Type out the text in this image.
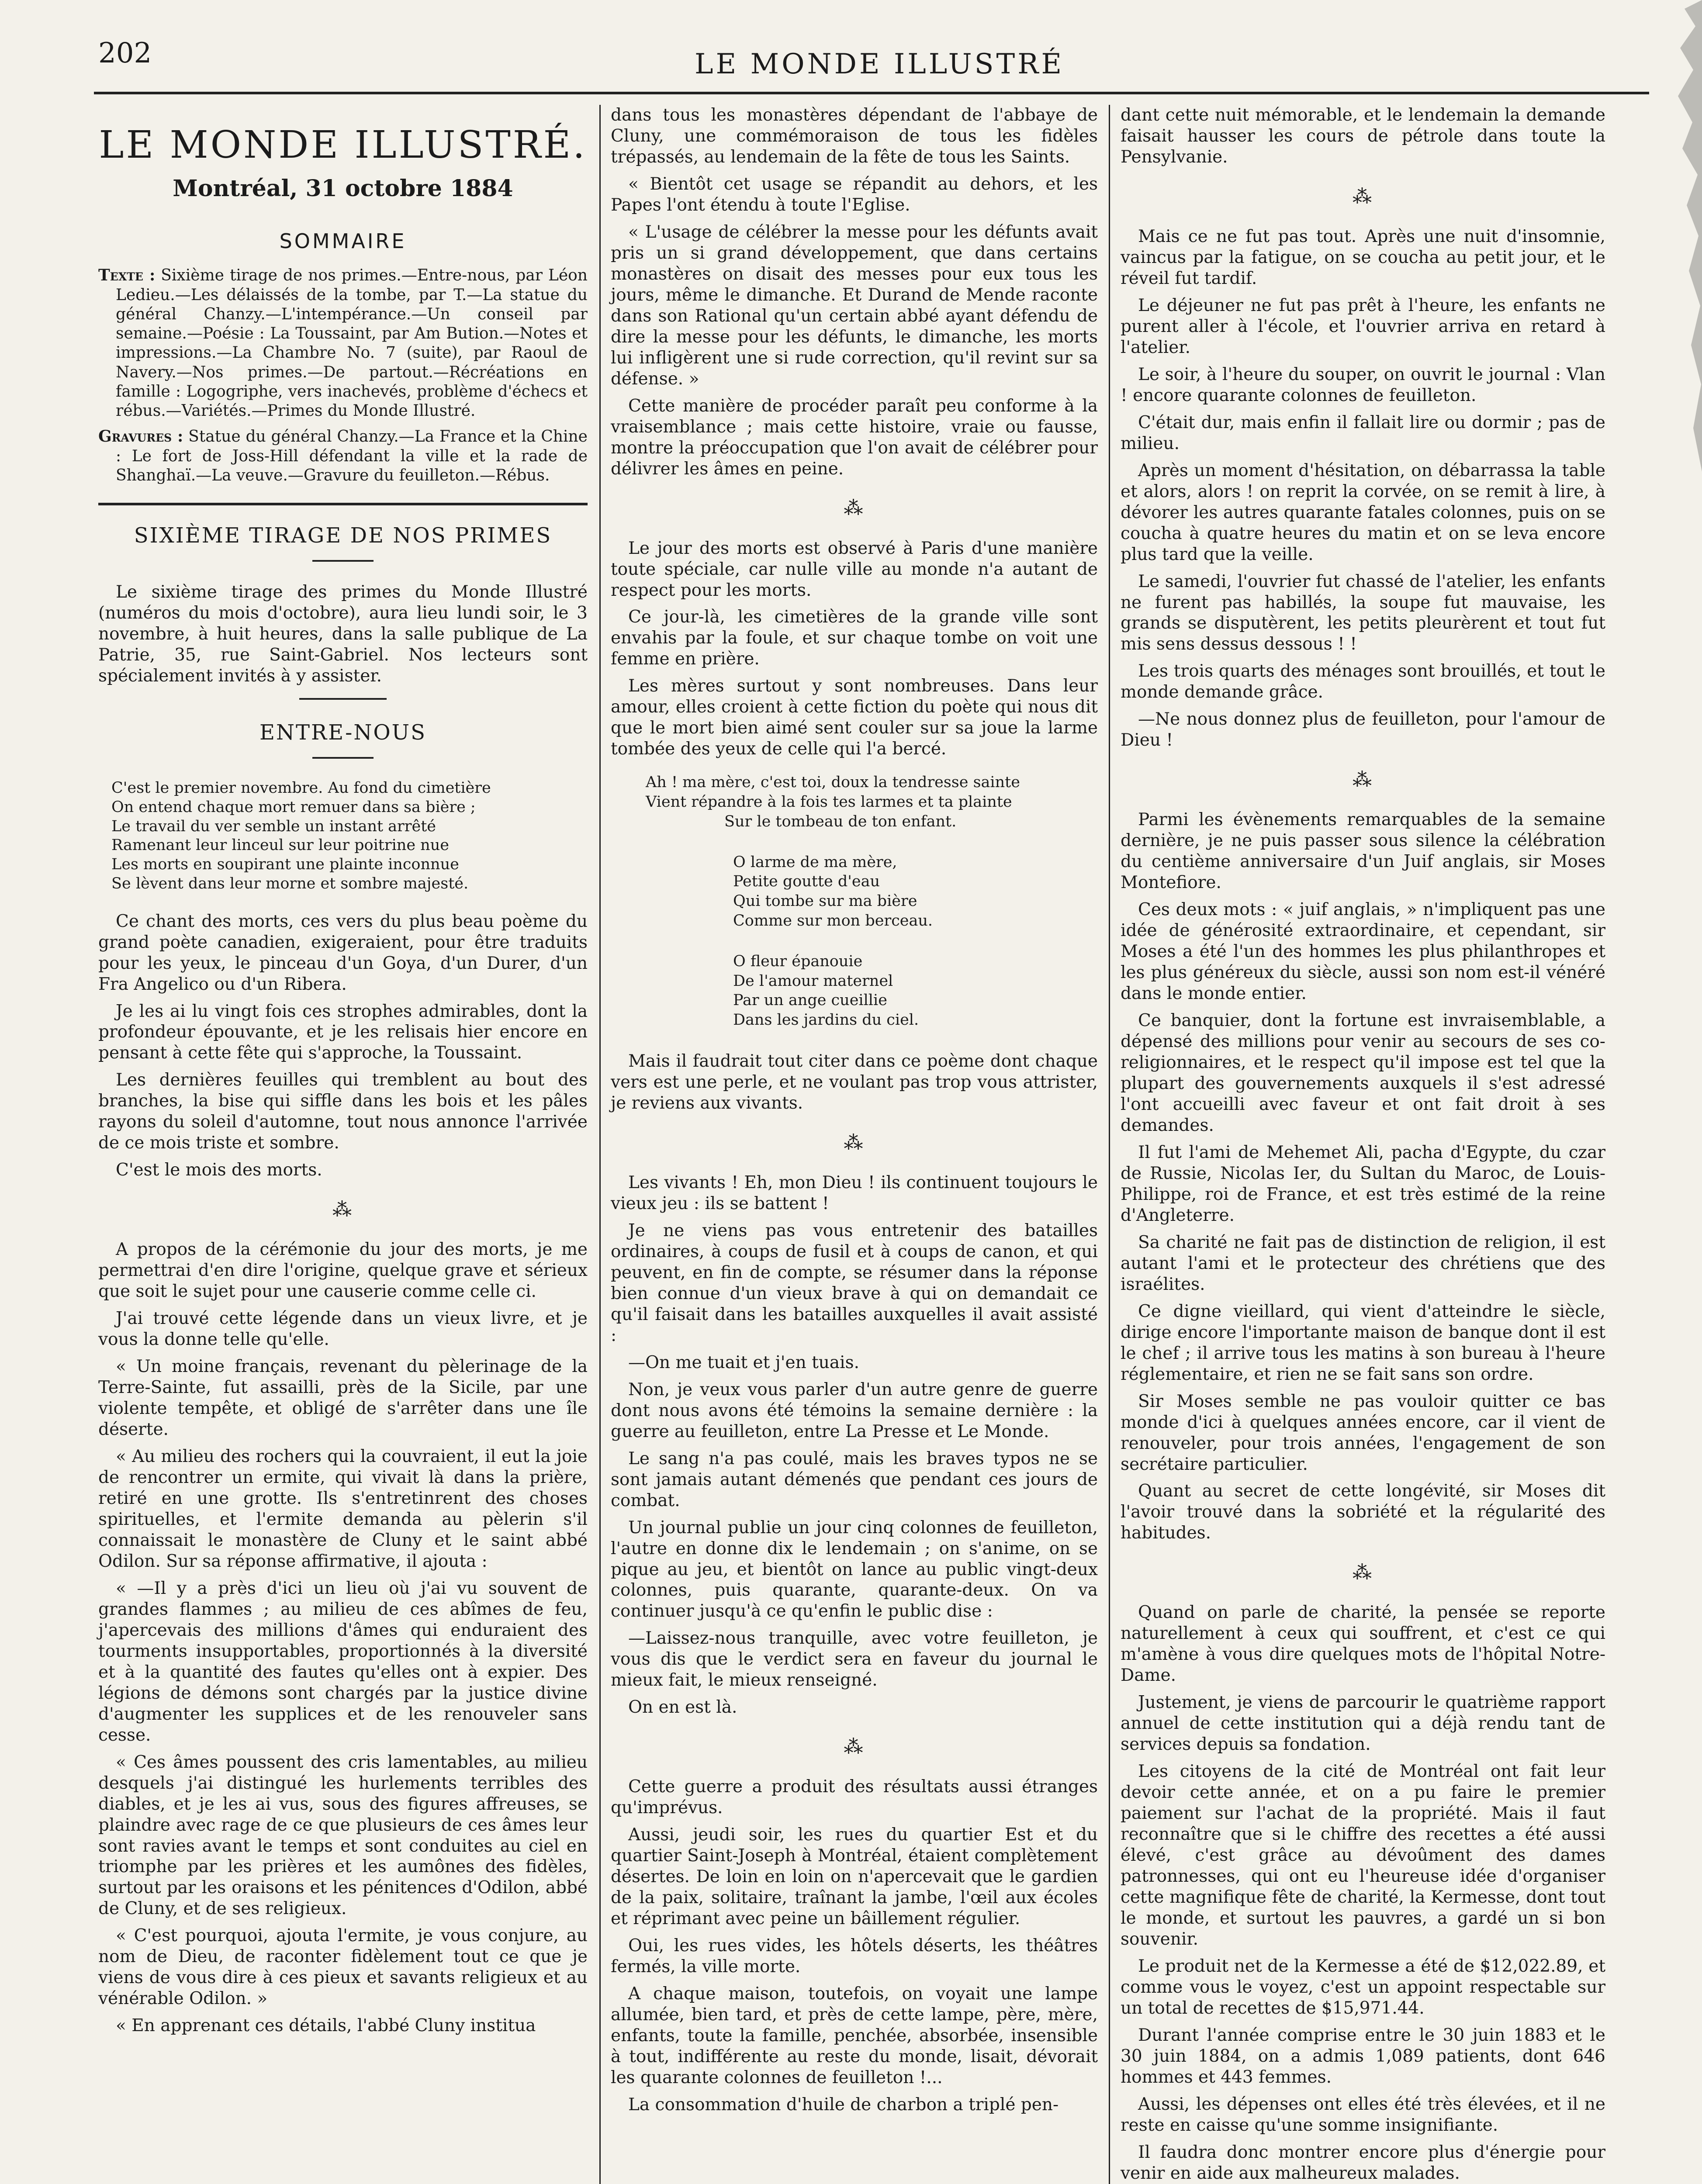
202	LE MONDE ILLUSTRÉ
LE MONDE ILLUSTRÉ.
Montréal, 31 octobre 1884
SOMMAIRE

Texte : Sixième tirage de nos primes.—Entre-nous, par Léon Ledieu.—Les délaissés de la tombe, par T.—La statue du général Chanzy.—L'intempérance.—Un conseil par semaine.—Poésie : La Toussaint, par Am Bution.—Notes et impressions.—La Chambre No. 7 (suite), par Raoul de Navery.—Nos primes.—De partout.—Récréations en famille : Logogriphe, vers inachevés, problème d'échecs et rébus.—Variétés.—Primes du Monde Illustré.

Gravures : Statue du général Chanzy.—La France et la Chine : Le fort de Joss-Hill défendant la ville et la rade de Shanghaï.—La veuve.—Gravure du feuilleton.—Rébus.

SIXIÈME TIRAGE DE NOS PRIMES

Le sixième tirage des primes du Monde Illustré (numéros du mois d'octobre), aura lieu lundi soir, le 3 novembre, à huit heures, dans la salle publique de La Patrie, 35, rue Saint-Gabriel. Nos lecteurs sont spécialement invités à y assister.

ENTRE-NOUS
C'est le premier novembre. Au fond du cimetière
On entend chaque mort remuer dans sa bière ;
Le travail du ver semble un instant arrêté
Ramenant leur linceul sur leur poitrine nue
Les morts en soupirant une plainte inconnue
Se lèvent dans leur morne et sombre majesté.

Ce chant des morts, ces vers du plus beau poème du grand poète canadien, exigeraient, pour être traduits pour les yeux, le pinceau d'un Goya, d'un Durer, d'un Fra Angelico ou d'un Ribera.

Je les ai lu vingt fois ces strophes admirables, dont la profondeur épouvante, et je les relisais hier encore en pensant à cette fête qui s'approche, la Toussaint.

Les dernières feuilles qui tremblent au bout des branches, la bise qui siffle dans les bois et les pâles rayons du soleil d'automne, tout nous annonce l'arrivée de ce mois triste et sombre.

C'est le mois des morts.

⁂

A propos de la cérémonie du jour des morts, je me permettrai d'en dire l'origine, quelque grave et sérieux que soit le sujet pour une causerie comme celle ci.

J'ai trouvé cette légende dans un vieux livre, et je vous la donne telle qu'elle.

« Un moine français, revenant du pèlerinage de la Terre-Sainte, fut assailli, près de la Sicile, par une violente tempête, et obligé de s'arrêter dans une île déserte.

« Au milieu des rochers qui la couvraient, il eut la joie de rencontrer un ermite, qui vivait là dans la prière, retiré en une grotte. Ils s'entretinrent des choses spirituelles, et l'ermite demanda au pèlerin s'il connaissait le monastère de Cluny et le saint abbé Odilon. Sur sa réponse affirmative, il ajouta :

« —Il y a près d'ici un lieu où j'ai vu souvent de grandes flammes ; au milieu de ces abîmes de feu, j'apercevais des millions d'âmes qui enduraient des tourments insupportables, proportionnés à la diversité et à la quantité des fautes qu'elles ont à expier. Des légions de démons sont chargés par la justice divine d'augmenter les supplices et de les renouveler sans cesse.

« Ces âmes poussent des cris lamentables, au milieu desquels j'ai distingué les hurlements terribles des diables, et je les ai vus, sous des figures affreuses, se plaindre avec rage de ce que plusieurs de ces âmes leur sont ravies avant le temps et sont conduites au ciel en triomphe par les prières et les aumônes des fidèles, surtout par les oraisons et les pénitences d'Odilon, abbé de Cluny, et de ses religieux.

« C'est pourquoi, ajouta l'ermite, je vous conjure, au nom de Dieu, de raconter fidèlement tout ce que je viens de vous dire à ces pieux et savants religieux et au vénérable Odilon. »

« En apprenant ces détails, l'abbé Cluny institua

dans tous les monastères dépendant de l'abbaye de Cluny, une commémoraison de tous les fidèles trépassés, au lendemain de la fête de tous les Saints.

« Bientôt cet usage se répandit au dehors, et les Papes l'ont étendu à toute l'Eglise.

« L'usage de célébrer la messe pour les défunts avait pris un si grand développement, que dans certains monastères on disait des messes pour eux tous les jours, même le dimanche. Et Durand de Mende raconte dans son Rational qu'un certain abbé ayant défendu de dire la messe pour les défunts, le dimanche, les morts lui infligèrent une si rude correction, qu'il revint sur sa défense. »

Cette manière de procéder paraît peu conforme à la vraisemblance ; mais cette histoire, vraie ou fausse, montre la préoccupation que l'on avait de célébrer pour délivrer les âmes en peine.

⁂

Le jour des morts est observé à Paris d'une manière toute spéciale, car nulle ville au monde n'a autant de respect pour les morts.

Ce jour-là, les cimetières de la grande ville sont envahis par la foule, et sur chaque tombe on voit une femme en prière.

Les mères surtout y sont nombreuses. Dans leur amour, elles croient à cette fiction du poète qui nous dit que le mort bien aimé sent couler sur sa joue la larme tombée des yeux de celle qui l'a bercé.

Ah ! ma mère, c'est toi, doux la tendresse sainte
Vient répandre à la fois tes larmes et ta plainte
Sur le tombeau de ton enfant.
O larme de ma mère,
Petite goutte d'eau
Qui tombe sur ma bière
Comme sur mon berceau.
O fleur épanouie
De l'amour maternel
Par un ange cueillie
Dans les jardins du ciel.

Mais il faudrait tout citer dans ce poème dont chaque vers est une perle, et ne voulant pas trop vous attrister, je reviens aux vivants.

⁂

Les vivants ! Eh, mon Dieu ! ils continuent toujours le vieux jeu : ils se battent !

Je ne viens pas vous entretenir des batailles ordinaires, à coups de fusil et à coups de canon, et qui peuvent, en fin de compte, se résumer dans la réponse bien connue d'un vieux brave à qui on demandait ce qu'il faisait dans les batailles auxquelles il avait assisté :

—On me tuait et j'en tuais.

Non, je veux vous parler d'un autre genre de guerre dont nous avons été témoins la semaine dernière : la guerre au feuilleton, entre La Presse et Le Monde.

Le sang n'a pas coulé, mais les braves typos ne se sont jamais autant démenés que pendant ces jours de combat.

Un journal publie un jour cinq colonnes de feuilleton, l'autre en donne dix le lendemain ; on s'anime, on se pique au jeu, et bientôt on lance au public vingt-deux colonnes, puis quarante, quarante-deux. On va continuer jusqu'à ce qu'enfin le public dise :

—Laissez-nous tranquille, avec votre feuilleton, je vous dis que le verdict sera en faveur du journal le mieux fait, le mieux renseigné.

On en est là.

⁂

Cette guerre a produit des résultats aussi étranges qu'imprévus.

Aussi, jeudi soir, les rues du quartier Est et du quartier Saint-Joseph à Montréal, étaient complètement désertes. De loin en loin on n'apercevait que le gardien de la paix, solitaire, traînant la jambe, l'œil aux écoles et réprimant avec peine un bâillement régulier.

Oui, les rues vides, les hôtels déserts, les théâtres fermés, la ville morte.

A chaque maison, toutefois, on voyait une lampe allumée, bien tard, et près de cette lampe, père, mère, enfants, toute la famille, penchée, absorbée, insensible à tout, indifférente au reste du monde, lisait, dévorait les quarante colonnes de feuilleton !...

La consommation d'huile de charbon a triplé pen-

dant cette nuit mémorable, et le lendemain la demande faisait hausser les cours de pétrole dans toute la Pensylvanie.

⁂

Mais ce ne fut pas tout. Après une nuit d'insomnie, vaincus par la fatigue, on se coucha au petit jour, et le réveil fut tardif.

Le déjeuner ne fut pas prêt à l'heure, les enfants ne purent aller à l'école, et l'ouvrier arriva en retard à l'atelier.

Le soir, à l'heure du souper, on ouvrit le journal : Vlan ! encore quarante colonnes de feuilleton.

C'était dur, mais enfin il fallait lire ou dormir ; pas de milieu.

Après un moment d'hésitation, on débarrassa la table et alors, alors ! on reprit la corvée, on se remit à lire, à dévorer les autres quarante fatales colonnes, puis on se coucha à quatre heures du matin et on se leva encore plus tard que la veille.

Le samedi, l'ouvrier fut chassé de l'atelier, les enfants ne furent pas habillés, la soupe fut mauvaise, les grands se disputèrent, les petits pleurèrent et tout fut mis sens dessus dessous ! !

Les trois quarts des ménages sont brouillés, et tout le monde demande grâce.

—Ne nous donnez plus de feuilleton, pour l'amour de Dieu !

⁂

Parmi les évènements remarquables de la semaine dernière, je ne puis passer sous silence la célébration du centième anniversaire d'un Juif anglais, sir Moses Montefiore.

Ces deux mots : « juif anglais, » n'impliquent pas une idée de générosité extraordinaire, et cependant, sir Moses a été l'un des hommes les plus philanthropes et les plus généreux du siècle, aussi son nom est-il vénéré dans le monde entier.

Ce banquier, dont la fortune est invraisemblable, a dépensé des millions pour venir au secours de ses co-religionnaires, et le respect qu'il impose est tel que la plupart des gouvernements auxquels il s'est adressé l'ont accueilli avec faveur et ont fait droit à ses demandes.

Il fut l'ami de Mehemet Ali, pacha d'Egypte, du czar de Russie, Nicolas Ier, du Sultan du Maroc, de Louis-Philippe, roi de France, et est très estimé de la reine d'Angleterre.

Sa charité ne fait pas de distinction de religion, il est autant l'ami et le protecteur des chrétiens que des israélites.

Ce digne vieillard, qui vient d'atteindre le siècle, dirige encore l'importante maison de banque dont il est le chef ; il arrive tous les matins à son bureau à l'heure réglementaire, et rien ne se fait sans son ordre.

Sir Moses semble ne pas vouloir quitter ce bas monde d'ici à quelques années encore, car il vient de renouveler, pour trois années, l'engagement de son secrétaire particulier.

Quant au secret de cette longévité, sir Moses dit l'avoir trouvé dans la sobriété et la régularité des habitudes.

⁂

Quand on parle de charité, la pensée se reporte naturellement à ceux qui souffrent, et c'est ce qui m'amène à vous dire quelques mots de l'hôpital Notre-Dame.

Justement, je viens de parcourir le quatrième rapport annuel de cette institution qui a déjà rendu tant de services depuis sa fondation.

Les citoyens de la cité de Montréal ont fait leur devoir cette année, et on a pu faire le premier paiement sur l'achat de la propriété. Mais il faut reconnaître que si le chiffre des recettes a été aussi élevé, c'est grâce au dévoûment des dames patronnesses, qui ont eu l'heureuse idée d'organiser cette magnifique fête de charité, la Kermesse, dont tout le monde, et surtout les pauvres, a gardé un si bon souvenir.

Le produit net de la Kermesse a été de $12,022.89, et comme vous le voyez, c'est un appoint respectable sur un total de recettes de $15,971.44.

Durant l'année comprise entre le 30 juin 1883 et le 30 juin 1884, on a admis 1,089 patients, dont 646 hommes et 443 femmes.

Aussi, les dépenses ont elles été très élevées, et il ne reste en caisse qu'une somme insignifiante.

Il faudra donc montrer encore plus d'énergie pour venir en aide aux malheureux malades.
